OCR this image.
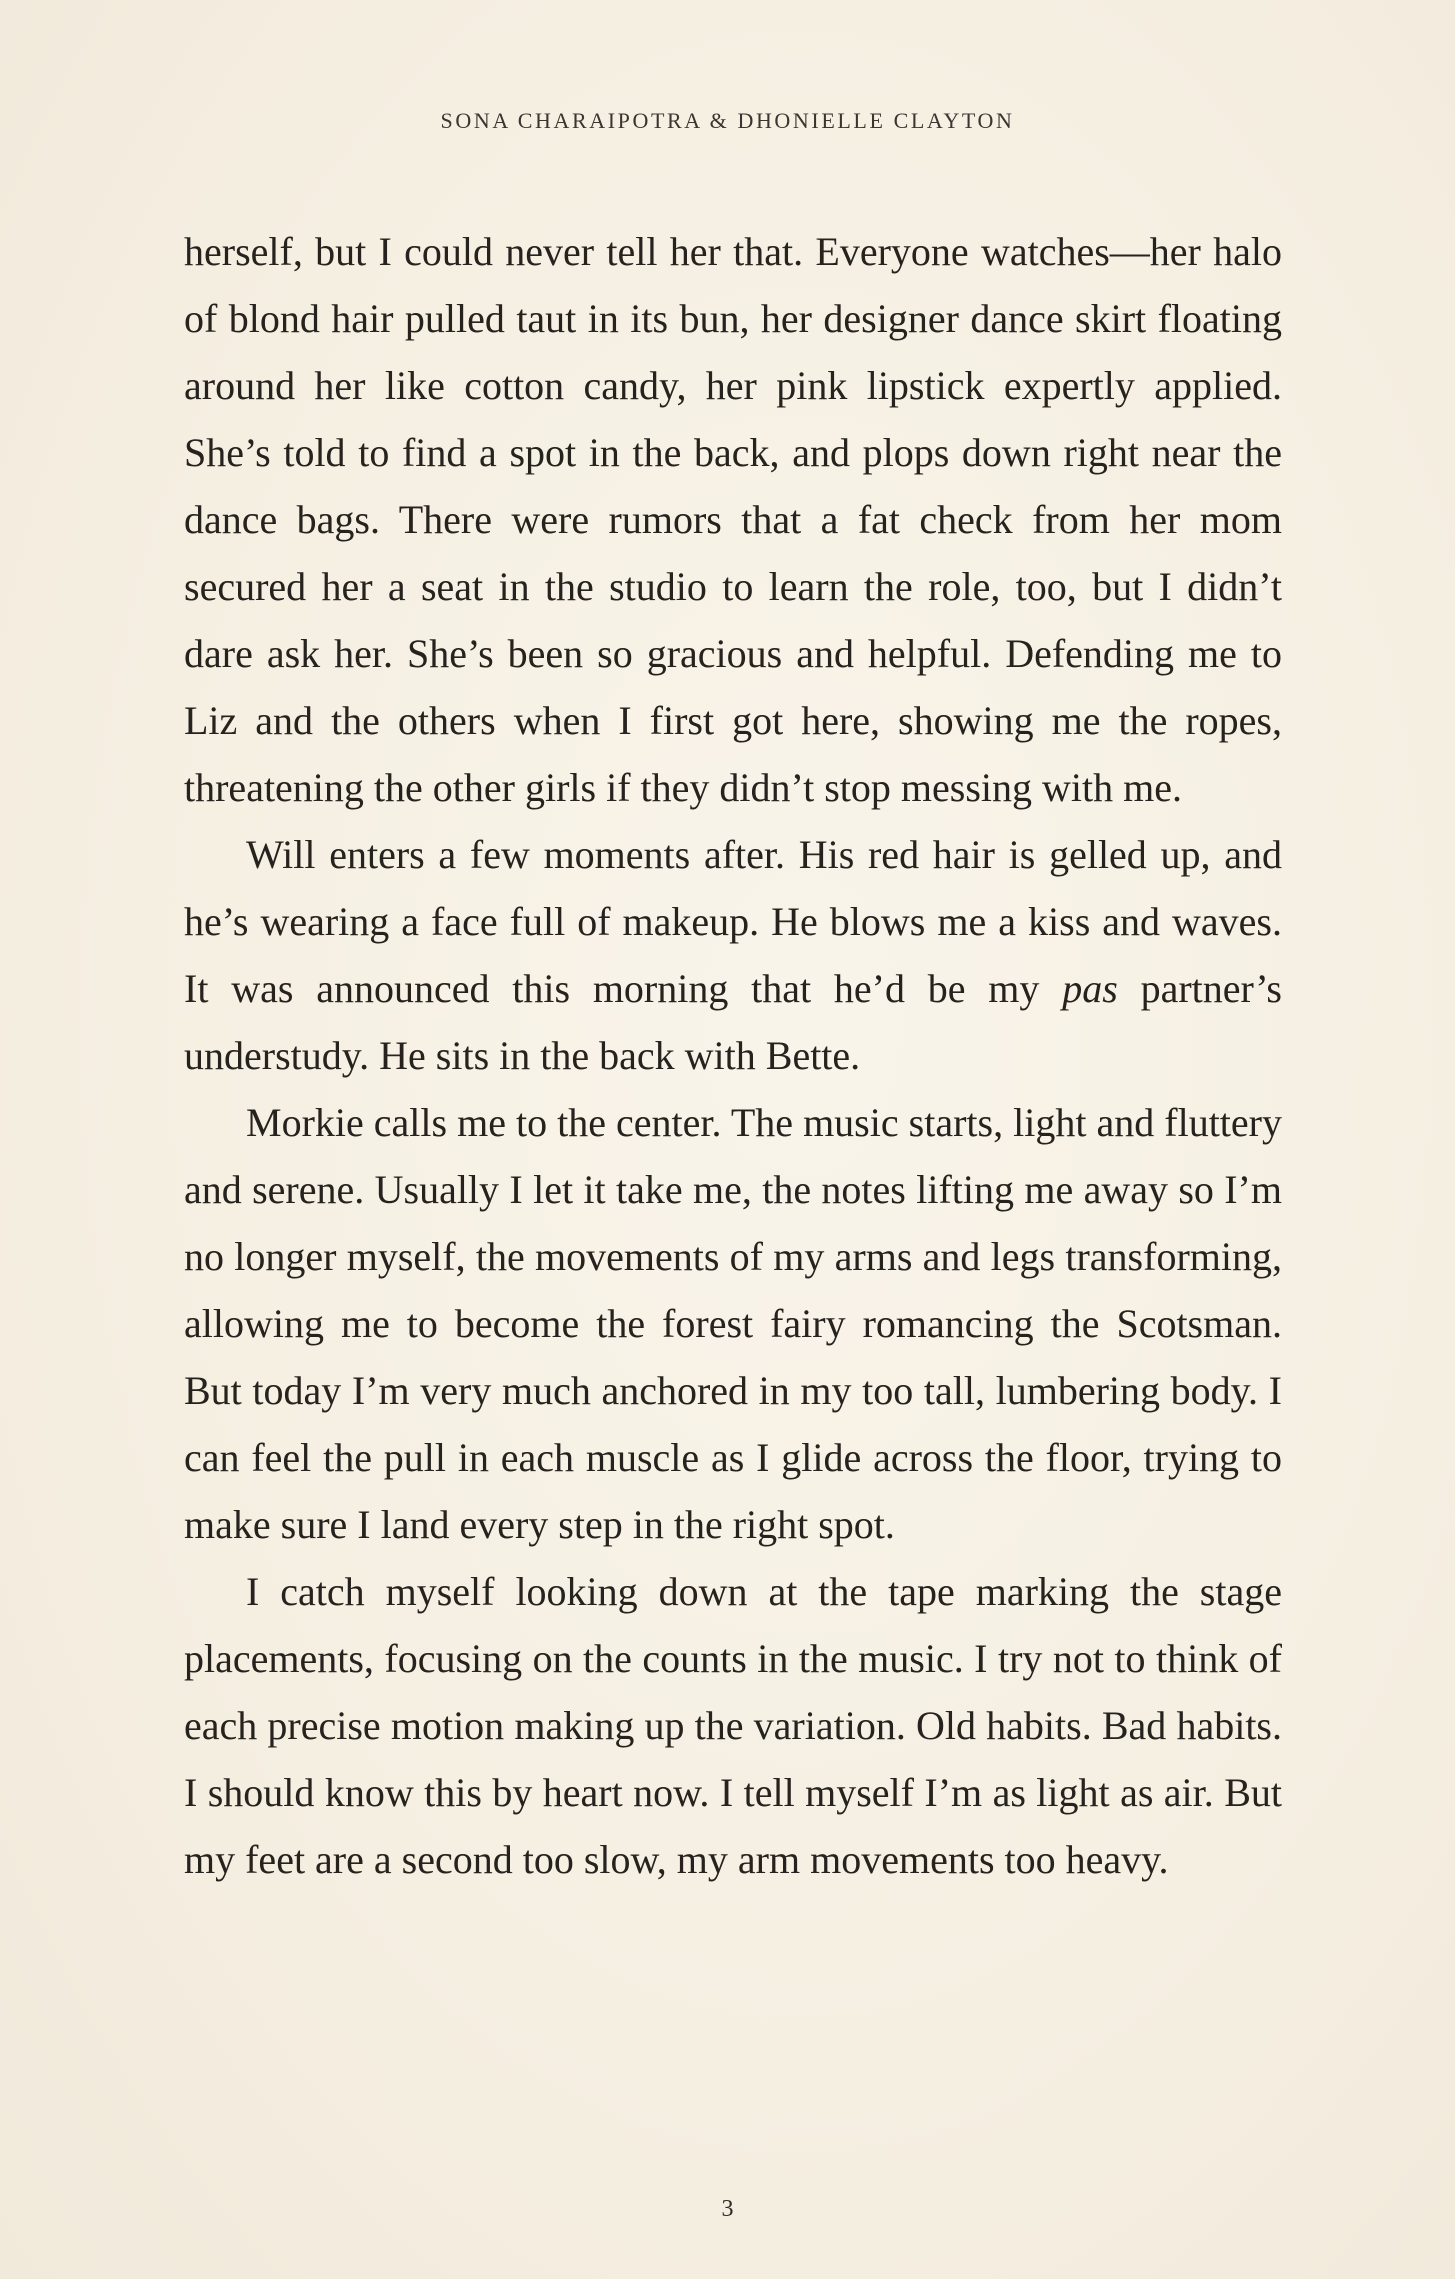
SONA CHARAIPOTRA & DHONIELLE CLAYTON

herself, but I could never tell her that. Everyone watches—her halo of blond hair pulled taut in its bun, her designer dance skirt floating around her like cotton candy, her pink lipstick expertly applied. She’s told to find a spot in the back, and plops down right near the dance bags. There were rumors that a fat check from her mom secured her a seat in the studio to learn the role, too, but I didn’t dare ask her. She’s been so gracious and helpful. Defending me to Liz and the others when I first got here, showing me the ropes, threatening the other girls if they didn’t stop messing with me.

Will enters a few moments after. His red hair is gelled up, and he’s wearing a face full of makeup. He blows me a kiss and waves. It was announced this morning that he’d be my pas partner’s understudy. He sits in the back with Bette.

Morkie calls me to the center. The music starts, light and fluttery and serene. Usually I let it take me, the notes lifting me away so I’m no longer myself, the movements of my arms and legs transforming, allowing me to become the forest fairy romancing the Scotsman. But today I’m very much anchored in my too tall, lumbering body. I can feel the pull in each muscle as I glide across the floor, trying to make sure I land every step in the right spot.

I catch myself looking down at the tape marking the stage placements, focusing on the counts in the music. I try not to think of each precise motion making up the variation. Old habits. Bad habits. I should know this by heart now. I tell myself I’m as light as air. But my feet are a second too slow, my arm movements too heavy.

3
